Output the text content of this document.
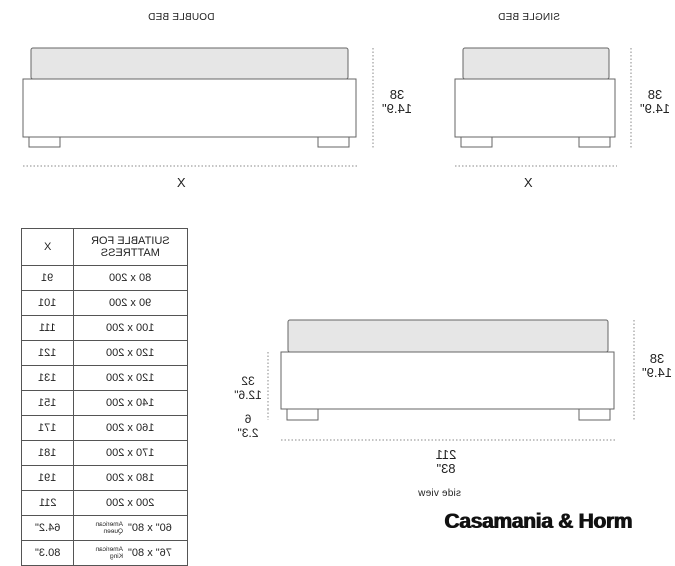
DOUBLE BED
38
14.9"
X
SINGLE BED
38
14.9"
X
38
14.9"
32
12.6"
6
2.3"
211
83"
side view
X	SUITABLE FOR
MATTRESS
91	80 x 200
101	90 x 200
111	100 x 200
121	120 x 200
131	120 x 200
151	140 x 200
171	160 x 200
181	170 x 200
191	180 x 200
211	200 x 200
64.2"	60" x 80"American Queen
80.3"	76" x 80"American King
Casamania & Horm
